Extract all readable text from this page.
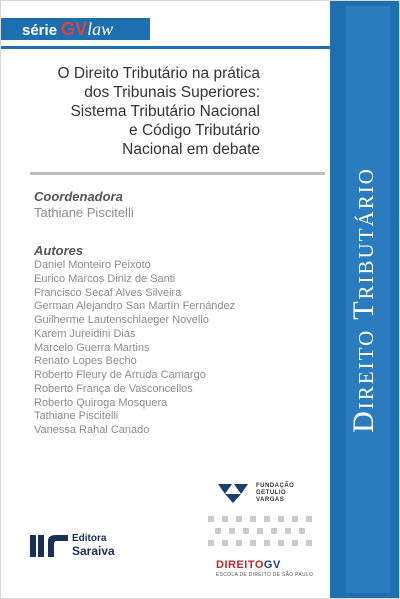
série GV law
Direito Tributário
O Direito Tributário na prática
dos Tribunais Superiores:
Sistema Tributário Nacional
e Código Tributário
Nacional em debate
Coordenadora
Tathiane Piscitelli
Autores
Daniel Monteiro Peixoto
Eurico Marcos Diniz de Santi
Francisco Secaf Alves Silveira
German Alejandro San Martín Fernández
Guilherme Lautenschlaeger Novello
Karem Jureidini Dias
Marcelo Guerra Martins
Renato Lopes Becho
Roberto Fleury de Arruda Camargo
Roberto França de Vasconcellos
Roberto Quiroga Mosquera
Tathiane Piscitelli
Vanessa Rahal Canado
FUNDAÇÃO
GETULIO VARGAS
DIREITOGV
ESCOLA DE DIREITO DE SÃO PAULO
Editora
Saraiva
